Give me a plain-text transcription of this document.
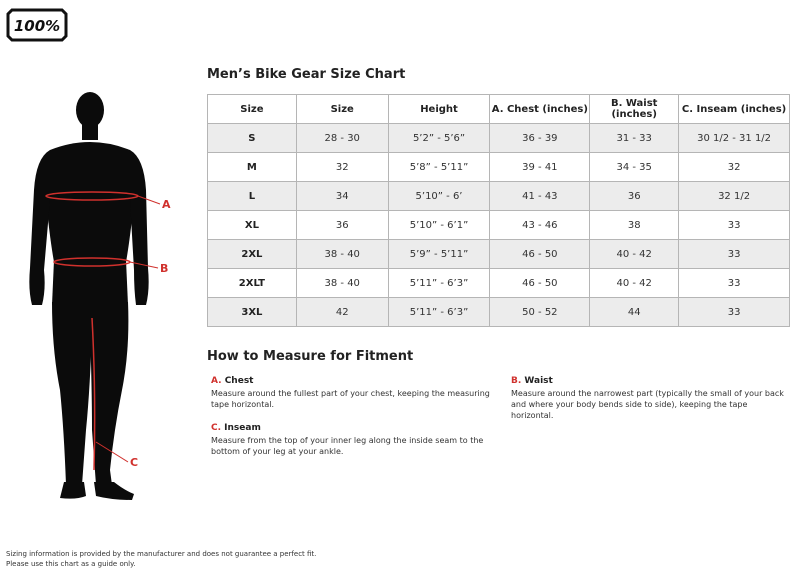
100%
A
B
C
Men’s Bike Gear Size Chart
Size	Size	Height	A. Chest (inches)	B. Waist (inches)	C. Inseam (inches)
S	28 - 30	5’2” - 5’6”	36 - 39	31 - 33	30 1/2 - 31 1/2
M	32	5’8” - 5’11”	39 - 41	34 - 35	32
L	34	5’10” - 6’	41 - 43	36	32 1/2
XL	36	5’10” - 6’1”	43 - 46	38	33
2XL	38 - 40	5’9” - 5’11”	46 - 50	40 - 42	33
2XLT	38 - 40	5’11” - 6’3”	46 - 50	40 - 42	33
3XL	42	5’11” - 6’3”	50 - 52	44	33
How to Measure for Fitment
A. Chest
Measure around the fullest part of your chest, keeping the measuring tape horizontal.
B. Waist
Measure around the narrowest part (typically the small of your back and where your body bends side to side), keeping the tape horizontal.
C. Inseam
Measure from the top of your inner leg along the inside seam to the bottom of your leg at your ankle.
Sizing information is provided by the manufacturer and does not guarantee a perfect fit.
Please use this chart as a guide only.
